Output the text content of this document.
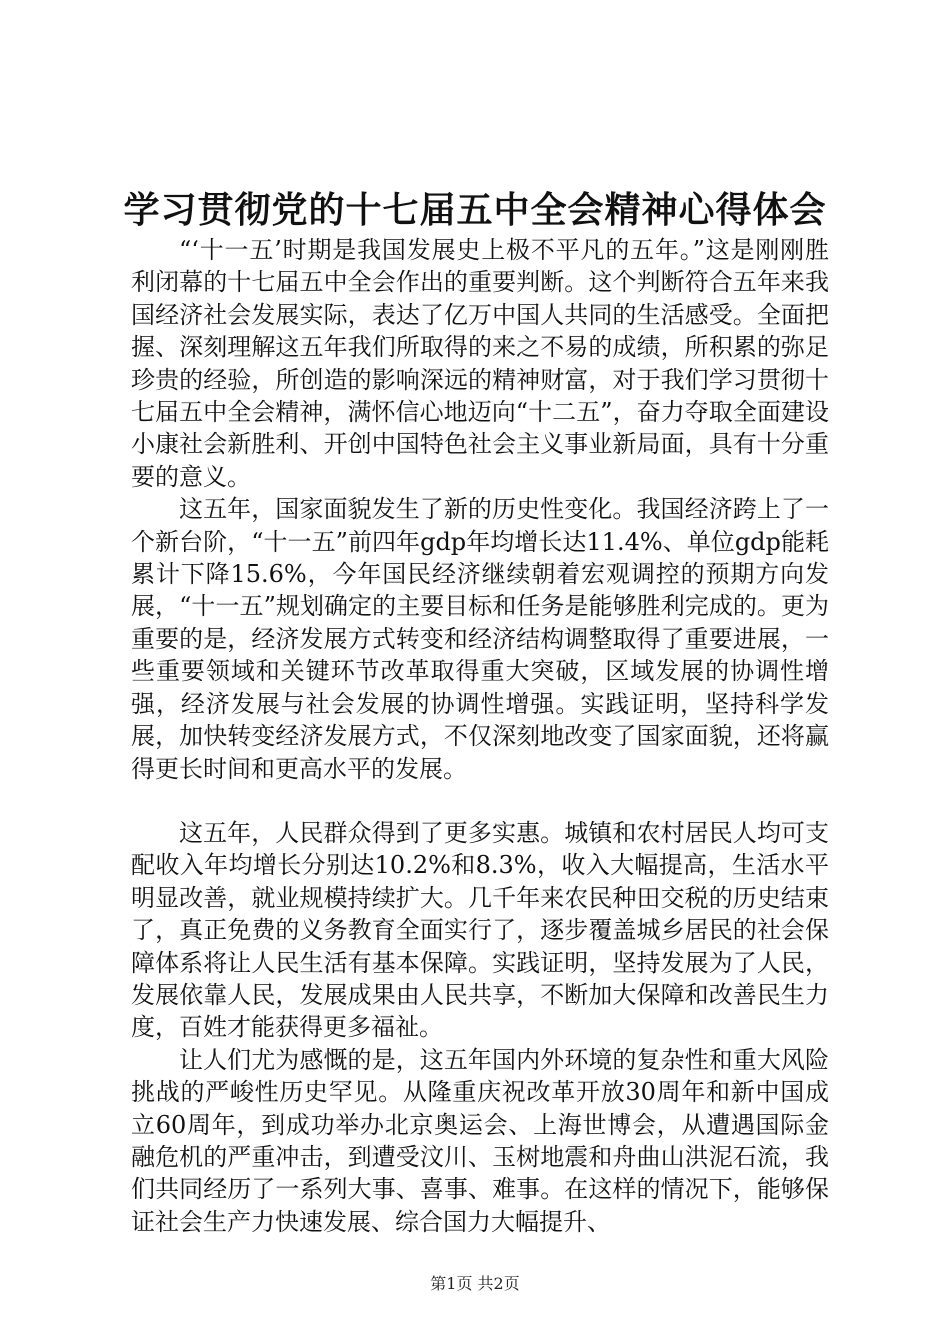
学习贯彻党的十七届五中全会精神心得体会

“‘十一五’时期是我国发展史上极不平凡的五年。”这是刚刚胜利闭幕的十七届五中全会作出的重要判断。这个判断符合五年来我国经济社会发展实际，表达了亿万中国人共同的生活感受。全面把握、深刻理解这五年我们所取得的来之不易的成绩，所积累的弥足珍贵的经验，所创造的影响深远的精神财富，对于我们学习贯彻十七届五中全会精神，满怀信心地迈向“十二五”，奋力夺取全面建设小康社会新胜利、开创中国特色社会主义事业新局面，具有十分重要的意义。

这五年，国家面貌发生了新的历史性变化。我国经济跨上了一个新台阶，“十一五”前四年gdp年均增长达11.4%、单位gdp能耗累计下降15.6%，今年国民经济继续朝着宏观调控的预期方向发展，“十一五”规划确定的主要目标和任务是能够胜利完成的。更为重要的是，经济发展方式转变和经济结构调整取得了重要进展，一些重要领域和关键环节改革取得重大突破，区域发展的协调性增强，经济发展与社会发展的协调性增强。实践证明，坚持科学发展，加快转变经济发展方式，不仅深刻地改变了国家面貌，还将赢得更长时间和更高水平的发展。

这五年，人民群众得到了更多实惠。城镇和农村居民人均可支配收入年均增长分别达10.2%和8.3%，收入大幅提高，生活水平明显改善，就业规模持续扩大。几千年来农民种田交税的历史结束了，真正免费的义务教育全面实行了，逐步覆盖城乡居民的社会保障体系将让人民生活有基本保障。实践证明，坚持发展为了人民，发展依靠人民，发展成果由人民共享，不断加大保障和改善民生力度，百姓才能获得更多福祉。

让人们尤为感慨的是，这五年国内外环境的复杂性和重大风险挑战的严峻性历史罕见。从隆重庆祝改革开放30周年和新中国成立60周年，到成功举办北京奥运会、上海世博会，从遭遇国际金融危机的严重冲击，到遭受汶川、玉树地震和舟曲山洪泥石流，我们共同经历了一系列大事、喜事、难事。在这样的情况下，能够保证社会生产力快速发展、综合国力大幅提升、

第1页 共2页
